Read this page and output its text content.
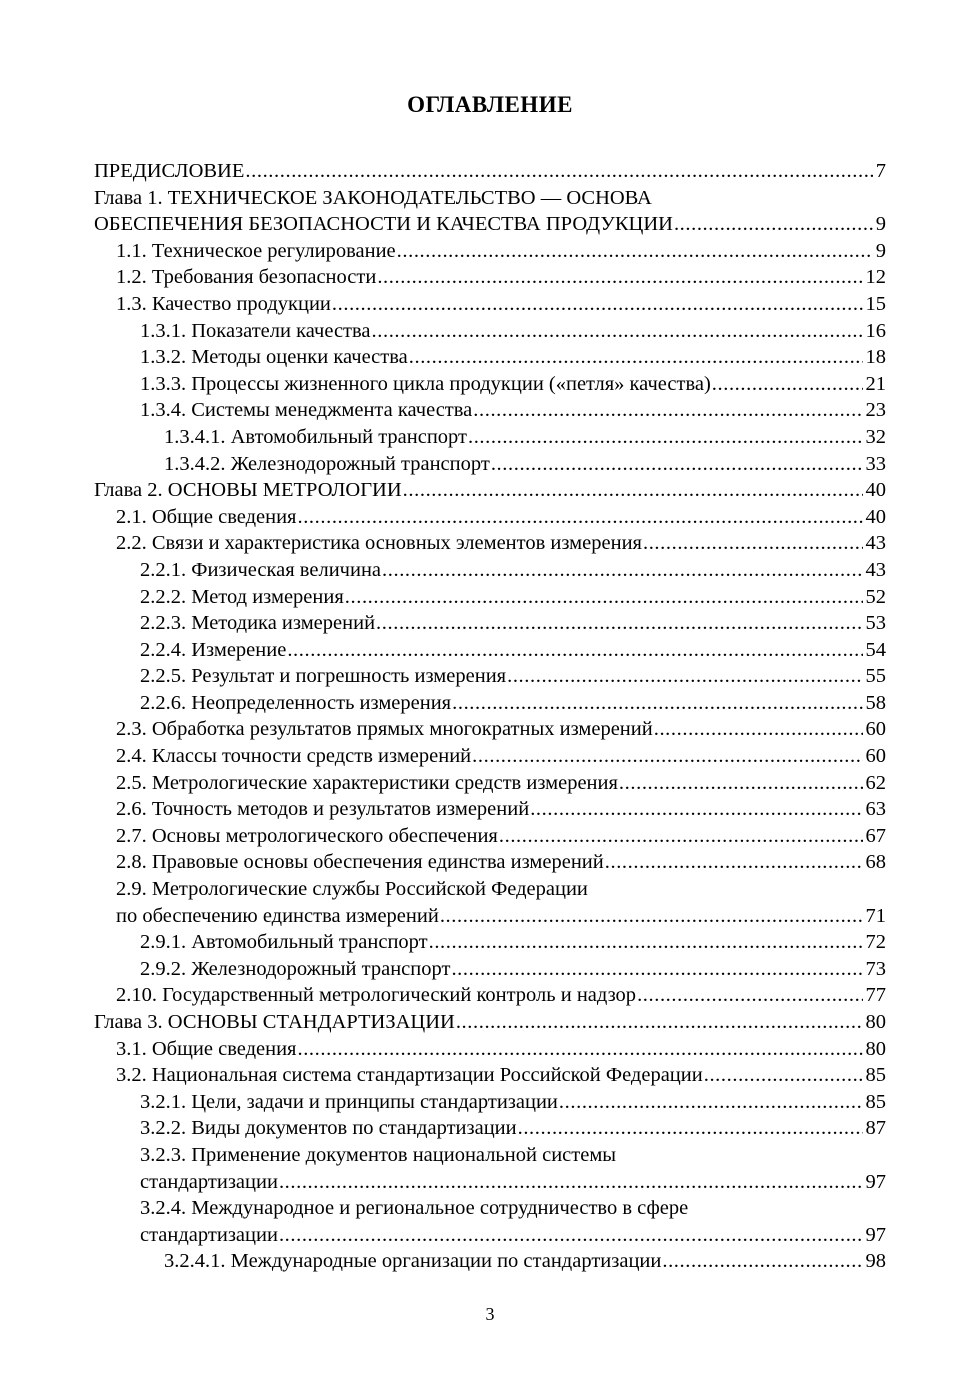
ОГЛАВЛЕНИЕ
ПРЕДИСЛОВИЕ .....	7
Глава 1. ТЕХНИЧЕСКОЕ ЗАКОНОДАТЕЛЬСТВО — ОСНОВА
ОБЕСПЕЧЕНИЯ БЕЗОПАСНОСТИ И КАЧЕСТВА ПРОДУКЦИИ .....	9
1.1. Техническое регулирование .....	9
1.2. Требования безопасности .....	12
1.3. Качество продукции .....	15
1.3.1. Показатели качества .....	16
1.3.2. Методы оценки качества .....	18
1.3.3. Процессы жизненного цикла продукции («петля» качества) .....	21
1.3.4. Системы менеджмента качества .....	23
1.3.4.1. Автомобильный транспорт .....	32
1.3.4.2. Железнодорожный транспорт .....	33
Глава 2. ОСНОВЫ МЕТРОЛОГИИ .....	40
2.1. Общие сведения .....	40
2.2. Связи и характеристика основных элементов измерения .....	43
2.2.1. Физическая величина .....	43
2.2.2. Метод измерения .....	52
2.2.3. Методика измерений .....	53
2.2.4. Измерение .....	54
2.2.5. Результат и погрешность измерения .....	55
2.2.6. Неопределенность измерения .....	58
2.3. Обработка результатов прямых многократных измерений .....	60
2.4. Классы точности средств измерений .....	60
2.5. Метрологические характеристики средств измерения .....	62
2.6. Точность методов и результатов измерений .....	63
2.7. Основы метрологического обеспечения .....	67
2.8. Правовые основы обеспечения единства измерений .....	68
2.9. Метрологические службы Российской Федерации
по обеспечению единства измерений .....	71
2.9.1. Автомобильный транспорт .....	72
2.9.2. Железнодорожный транспорт .....	73
2.10. Государственный метрологический контроль и надзор .....	77
Глава 3. ОСНОВЫ СТАНДАРТИЗАЦИИ .....	80
3.1. Общие сведения .....	80
3.2. Национальная система стандартизации Российской Федерации .....	85
3.2.1. Цели, задачи и принципы стандартизации .....	85
3.2.2. Виды документов по стандартизации .....	87
3.2.3. Применение документов национальной системы
стандартизации .....	97
3.2.4. Международное и региональное сотрудничество в сфере
стандартизации .....	97
3.2.4.1. Международные организации по стандартизации .....	98
3
